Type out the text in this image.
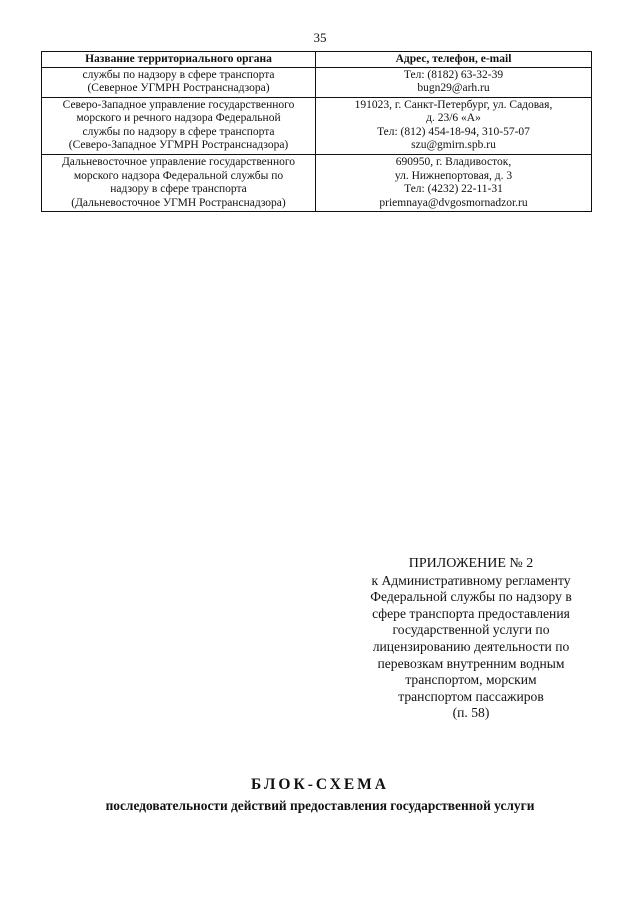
35
Название территориального органа	Адрес, телефон, e-mail

службы по надзору в сфере транспорта
(Северное УГМРН Ространснадзора)	Тел: (8182) 63-32-39
bugn29@arh.ru

Северо-Западное управление государственного
морского и речного надзора Федеральной
службы по надзору в сфере транспорта
(Северо-Западное УГМРН Ространснадзора)	191023, г. Санкт-Петербург, ул. Садовая,
д. 23/6 «А»
Тел: (812) 454-18-94, 310-57-07
szu@gmirn.spb.ru

Дальневосточное управление государственного
морского надзора Федеральной службы по
надзору в сфере транспорта
(Дальневосточное УГМН Ространснадзора)	690950, г. Владивосток,
ул. Нижнепортовая, д. 3
Тел: (4232) 22-11-31
priemnaya@dvgosmornadzor.ru
ПРИЛОЖЕНИЕ № 2
к Административному регламенту
Федеральной службы по надзору в
сфере транспорта предоставления
государственной услуги по
лицензированию деятельности по
перевозкам внутренним водным
транспортом, морским
транспортом пассажиров
(п. 58)
БЛОК-СХЕМА
последовательности действий предоставления государственной услуги
